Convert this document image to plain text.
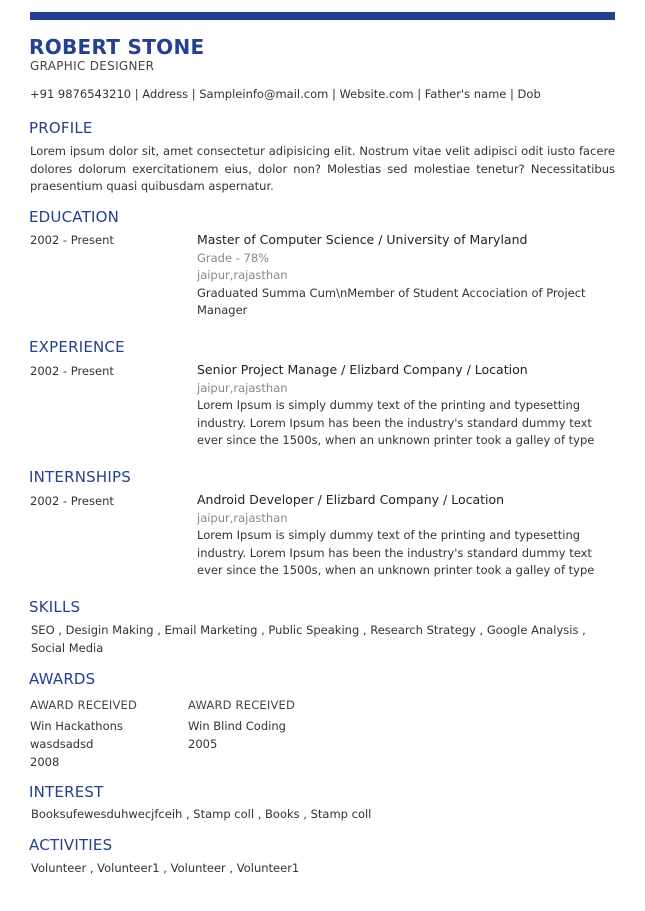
ROBERT STONE
GRAPHIC DESIGNER
+91 9876543210 | Address | Sampleinfo@mail.com | Website.com | Father's name | Dob
PROFILE
Lorem ipsum dolor sit, amet consectetur adipisicing elit. Nostrum vitae velit adipisci odit iusto facere dolores dolorum exercitationem eius, dolor non? Molestias sed molestiae tenetur? Necessitatibus praesentium quasi quibusdam aspernatur.
EDUCATION
2002 - Present	Master of Computer Science / University of Maryland
Grade - 78%
jaipur,rajasthan
Graduated Summa Cum\nMember of Student Accociation of Project Manager
EXPERIENCE
2002 - Present	Senior Project Manage / Elizbard Company / Location
jaipur,rajasthan
Lorem Ipsum is simply dummy text of the printing and typesetting industry. Lorem Ipsum has been the industry's standard dummy text ever since the 1500s, when an unknown printer took a galley of type
INTERNSHIPS
2002 - Present	Android Developer / Elizbard Company / Location
jaipur,rajasthan
Lorem Ipsum is simply dummy text of the printing and typesetting industry. Lorem Ipsum has been the industry's standard dummy text ever since the 1500s, when an unknown printer took a galley of type
SKILLS
SEO , Desigin Making , Email Marketing , Public Speaking , Research Strategy , Google Analysis , Social Media
AWARDS
AWARD RECEIVED
Win Hackathons
wasdsadsd
2008
AWARD RECEIVED
Win Blind Coding
2005
INTEREST
Booksufewesduhwecjfceih , Stamp coll , Books , Stamp coll
ACTIVITIES
Volunteer , Volunteer1 , Volunteer , Volunteer1
